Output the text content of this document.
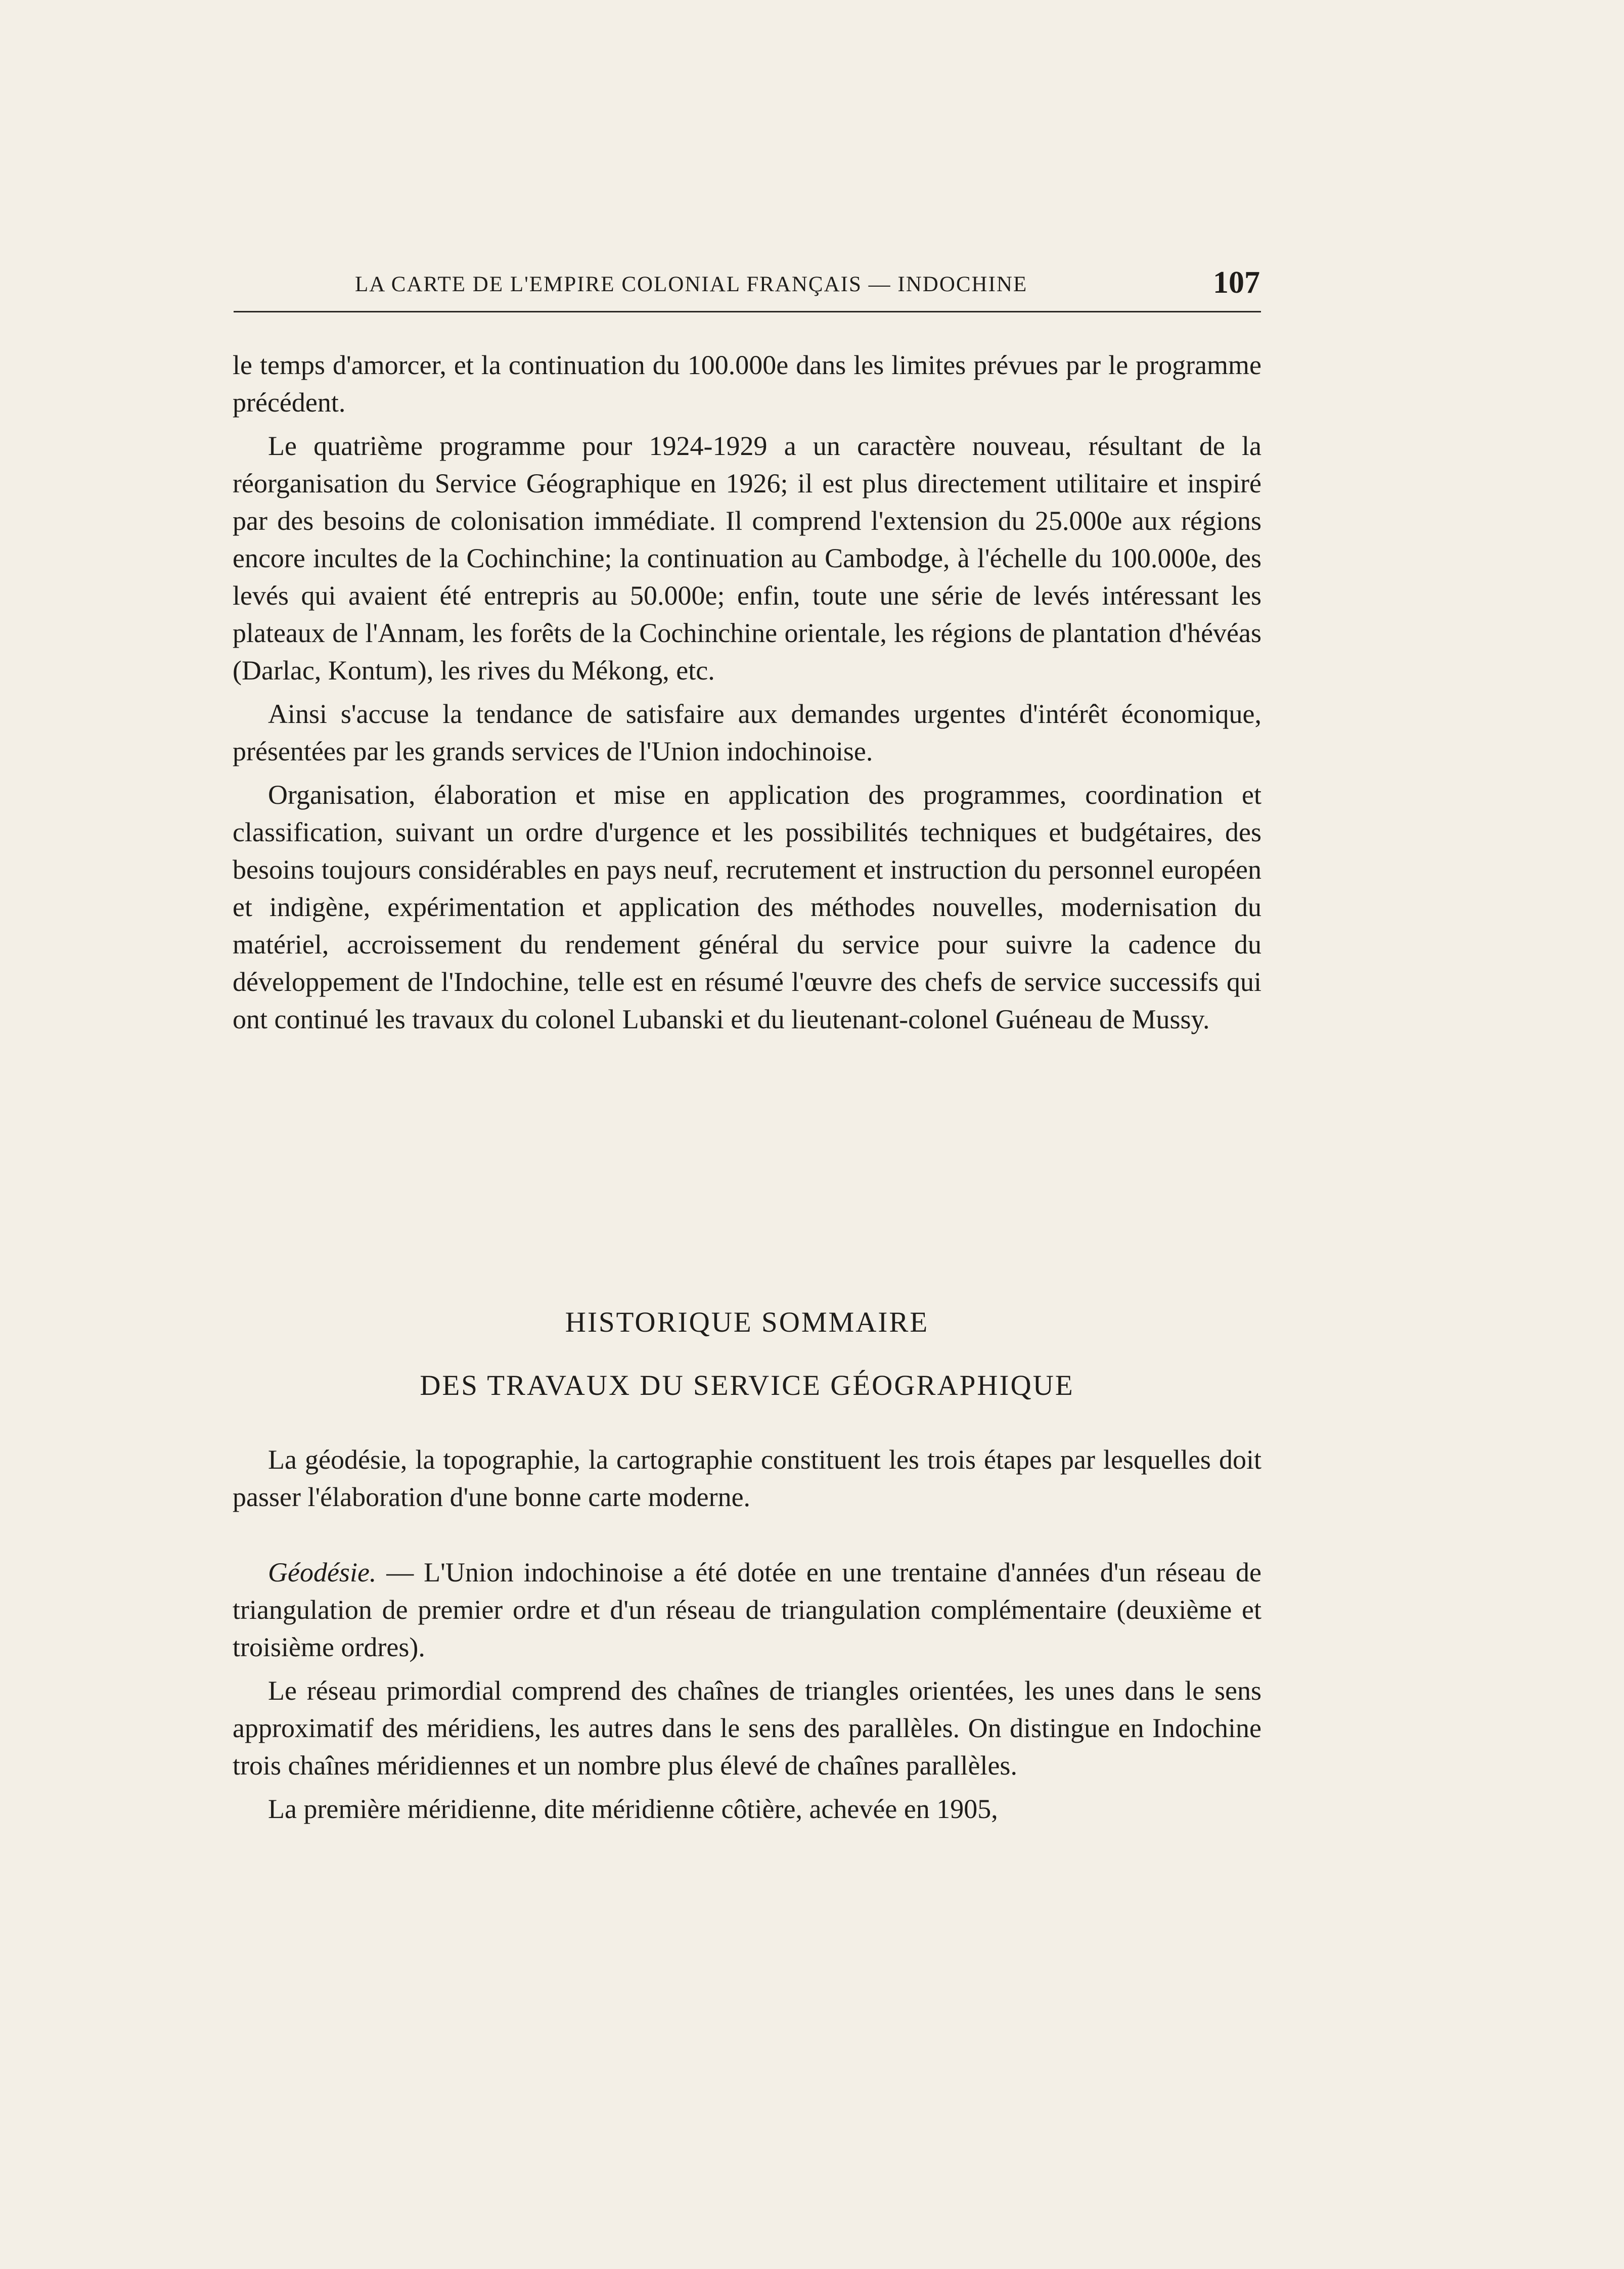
LA CARTE DE L'EMPIRE COLONIAL FRANÇAIS — INDOCHINE	107

le temps d'amorcer, et la continuation du 100.000e dans les limites prévues par le programme précédent.

Le quatrième programme pour 1924-1929 a un caractère nouveau, résultant de la réorganisation du Service Géographique en 1926; il est plus directement utilitaire et inspiré par des besoins de colonisation immédiate. Il comprend l'extension du 25.000e aux régions encore incultes de la Cochinchine; la continuation au Cambodge, à l'échelle du 100.000e, des levés qui avaient été entrepris au 50.000e; enfin, toute une série de levés intéressant les plateaux de l'Annam, les forêts de la Cochinchine orientale, les régions de plantation d'hévéas (Darlac, Kontum), les rives du Mékong, etc.

Ainsi s'accuse la tendance de satisfaire aux demandes urgentes d'intérêt économique, présentées par les grands services de l'Union indochinoise.

Organisation, élaboration et mise en application des programmes, coordination et classification, suivant un ordre d'urgence et les possibilités techniques et budgétaires, des besoins toujours considérables en pays neuf, recrutement et instruction du personnel européen et indigène, expérimentation et application des méthodes nouvelles, modernisation du matériel, accroissement du rendement général du service pour suivre la cadence du développement de l'Indochine, telle est en résumé l'œuvre des chefs de service successifs qui ont continué les travaux du colonel Lubanski et du lieutenant-colonel Guéneau de Mussy.

HISTORIQUE SOMMAIRE
DES TRAVAUX DU SERVICE GÉOGRAPHIQUE

La géodésie, la topographie, la cartographie constituent les trois étapes par lesquelles doit passer l'élaboration d'une bonne carte moderne.

Géodésie. — L'Union indochinoise a été dotée en une trentaine d'années d'un réseau de triangulation de premier ordre et d'un réseau de triangulation complémentaire (deuxième et troisième ordres).

Le réseau primordial comprend des chaînes de triangles orientées, les unes dans le sens approximatif des méridiens, les autres dans le sens des parallèles. On distingue en Indochine trois chaînes méridiennes et un nombre plus élevé de chaînes parallèles.

La première méridienne, dite méridienne côtière, achevée en 1905,
